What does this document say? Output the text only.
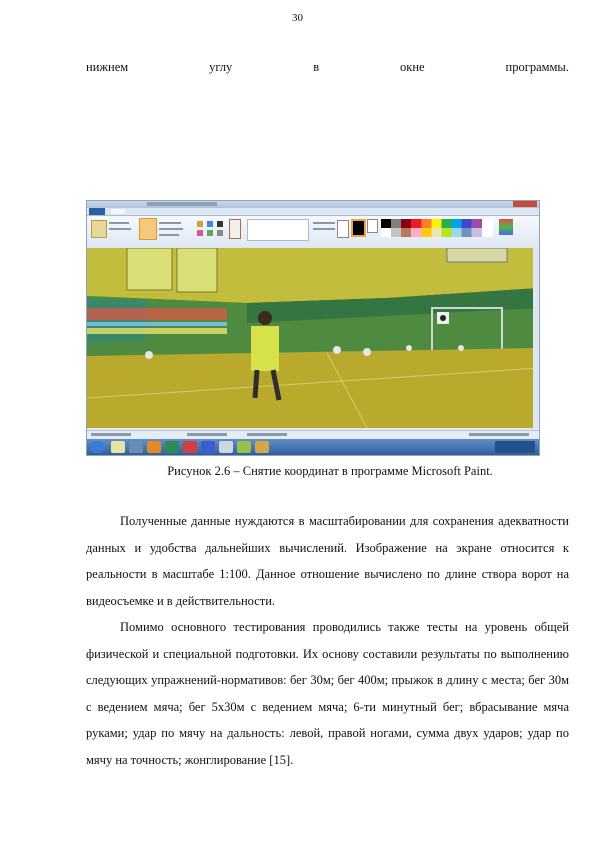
30
нижнем	углу	в	окне	программы.
Рисунок 2.6 – Снятие координат в программе Microsoft Paint.

Полученные данные нуждаются в масштабировании для сохранения адекватности данных и удобства дальнейших вычислений. Изображение на экране относится к реальности в масштабе 1:100. Данное отношение вычислено по длине створа ворот на видеосъемке и в действительности.

Помимо основного тестирования проводились также тесты на уровень общей физической и специальной подготовки. Их основу составили результаты по выполнению следующих упражнений-нормативов: бег 30м; бег 400м; прыжок в длину с места; бег 30м с ведением мяча; бег 5х30м с ведением мяча; 6-ти минутный бег; вбрасывание мяча руками; удар по мячу на дальность: левой, правой ногами, сумма двух ударов; удар по мячу на точность; жонглирование [15].
